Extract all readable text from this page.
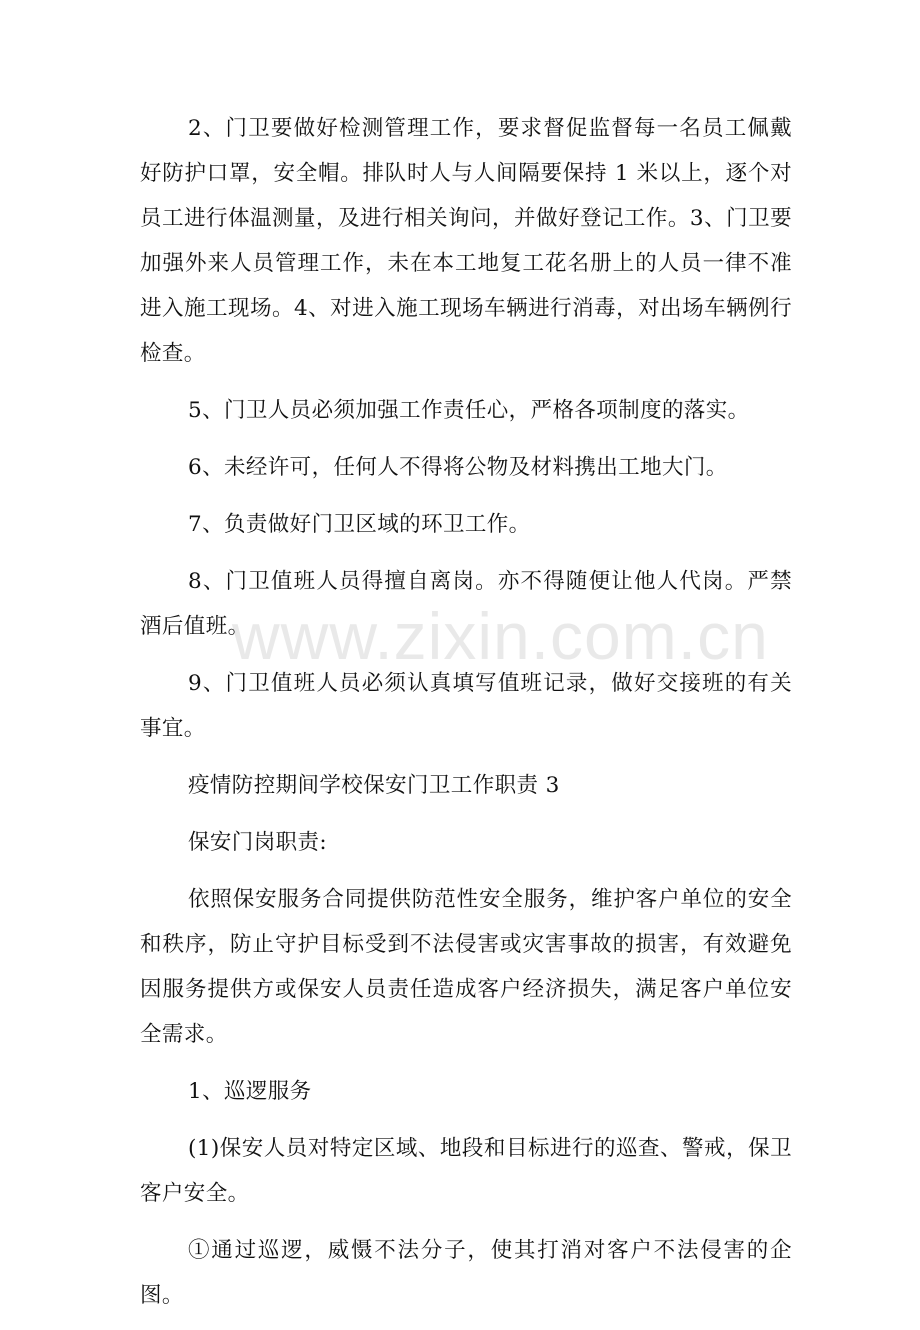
www.zixin.com.cn

2、门卫要做好检测管理工作，要求督促监督每一名员工佩戴好防护口罩，安全帽。排队时人与人间隔要保持 1 米以上，逐个对员工进行体温测量，及进行相关询问，并做好登记工作。3、门卫要加强外来人员管理工作，未在本工地复工花名册上的人员一律不准进入施工现场。4、对进入施工现场车辆进行消毒，对出场车辆例行检查。

5、门卫人员必须加强工作责任心，严格各项制度的落实。

6、未经许可，任何人不得将公物及材料携出工地大门。

7、负责做好门卫区域的环卫工作。

8、门卫值班人员得擅自离岗。亦不得随便让他人代岗。严禁酒后值班。

9、门卫值班人员必须认真填写值班记录，做好交接班的有关事宜。

疫情防控期间学校保安门卫工作职责 3

保安门岗职责:

依照保安服务合同提供防范性安全服务，维护客户单位的安全和秩序，防止守护目标受到不法侵害或灾害事故的损害，有效避免因服务提供方或保安人员责任造成客户经济损失，满足客户单位安全需求。

1、巡逻服务

(1)保安人员对特定区域、地段和目标进行的巡查、警戒，保卫客户安全。

①通过巡逻，威慑不法分子，使其打消对客户不法侵害的企图。
